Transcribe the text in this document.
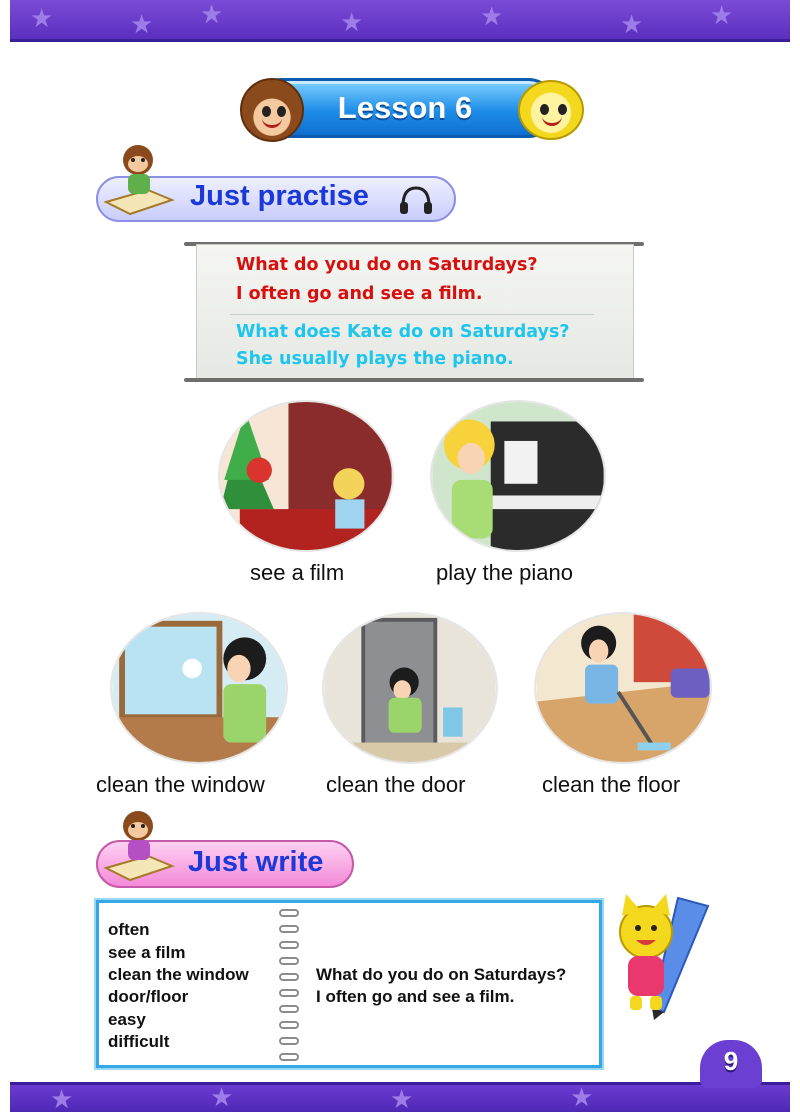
★	★ ★	★	★	★	★
Lesson 6
Just practise
What do you do on Saturdays?
I often go and see a film.
What does Kate do on Saturdays?
She usually plays the piano.
see a film	play the piano
clean the window	clean the door	clean the floor
Just write
often
see a film
clean the window
door/floor
easy
difficult
What do you do on Saturdays?
I often go and see a film.
★	★	★	★
9
